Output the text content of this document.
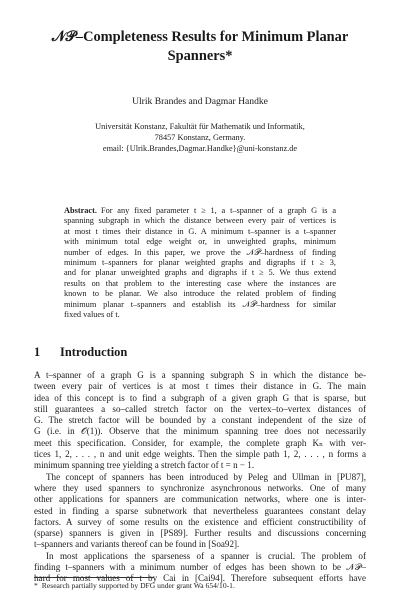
𝒩𝒫–Completeness Results for Minimum Planar
Spanners*
Ulrik Brandes and Dagmar Handke
Universität Konstanz, Fakultät für Mathematik und Informatik,
78457 Konstanz, Germany.
email: {Ulrik.Brandes,Dagmar.Handke}@uni-konstanz.de
Abstract. For any fixed parameter t ≥ 1, a t–spanner of a graph G is a
spanning subgraph in which the distance between every pair of vertices is
at most t times their distance in G. A minimum t–spanner is a t–spanner
with minimum total edge weight or, in unweighted graphs, minimum
number of edges. In this paper, we prove the 𝒩𝒫–hardness of finding
minimum t–spanners for planar weighted graphs and digraphs if t ≥ 3,
and for planar unweighted graphs and digraphs if t ≥ 5. We thus extend
results on that problem to the interesting case where the instances are
known to be planar. We also introduce the related problem of finding
minimum planar t–spanners and establish its 𝒩𝒫–hardness for similar
fixed values of t.
1 Introduction
A t–spanner of a graph G is a spanning subgraph S in which the distance be-
tween every pair of vertices is at most t times their distance in G. The main
idea of this concept is to find a subgraph of a given graph G that is sparse, but
still guarantees a so–called stretch factor on the vertex–to–vertex distances of
G. The stretch factor will be bounded by a constant independent of the size of
G (i.e. in 𝒪(1)). Observe that the minimum spanning tree does not necessarily
meet this specification. Consider, for example, the complete graph Kₙ with ver-
tices 1, 2, . . . , n and unit edge weights. Then the simple path 1, 2, . . . , n forms a
minimum spanning tree yielding a stretch factor of t = n − 1.
The concept of spanners has been introduced by Peleg and Ullman in [PU87],
where they used spanners to synchronize asynchronous networks. One of many
other applications for spanners are communication networks, where one is inter-
ested in finding a sparse subnetwork that nevertheless guarantees constant delay
factors. A survey of some results on the existence and efficient constructibility of
(sparse) spanners is given in [PS89]. Further results and discussions concerning
t–spanners and variants thereof can be found in [Soa92].
In most applications the sparseness of a spanner is crucial. The problem of
finding t–spanners with a minimum number of edges has been shown to be 𝒩𝒫–
hard for most values of t by Cai in [Cai94]. Therefore subsequent efforts have
* Research partially supported by DFG under grant Wa 654/10-1.
